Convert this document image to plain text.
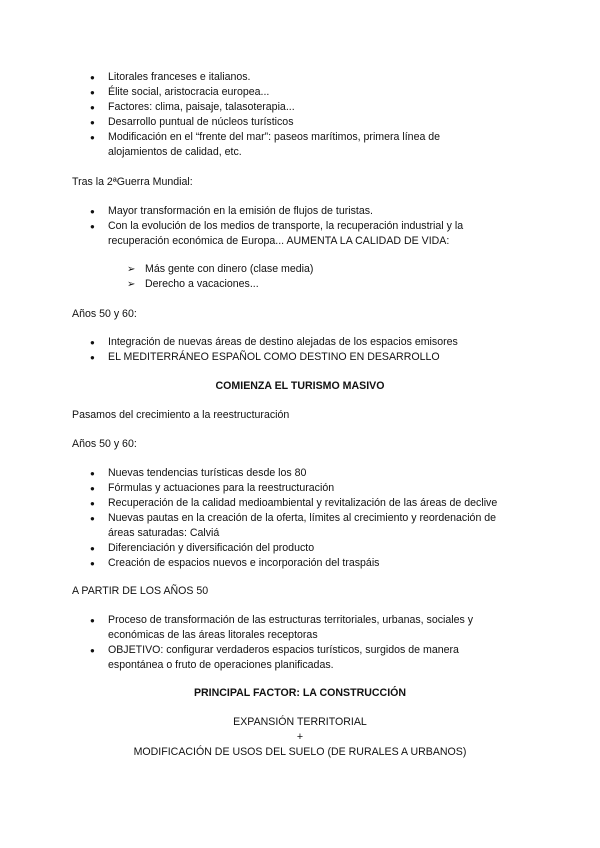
● Litorales franceses e italianos.
● Élite social, aristocracia europea...
● Factores: clima, paisaje, talasoterapia...
● Desarrollo puntual de núcleos turísticos
● Modificación en el “frente del mar”: paseos marítimos, primera línea de alojamientos de calidad, etc.

Tras la 2ªGuerra Mundial:

● Mayor transformación en la emisión de flujos de turistas.
● Con la evolución de los medios de transporte, la recuperación industrial y la recuperación económica de Europa... AUMENTA LA CALIDAD DE VIDA:
➢ Más gente con dinero (clase media)
➢ Derecho a vacaciones...

Años 50 y 60:

● Integración de nuevas áreas de destino alejadas de los espacios emisores
● EL MEDITERRÁNEO ESPAÑOL COMO DESTINO EN DESARROLLO

COMIENZA EL TURISMO MASIVO

Pasamos del crecimiento a la reestructuración

Años 50 y 60:

● Nuevas tendencias turísticas desde los 80
● Fórmulas y actuaciones para la reestructuración
● Recuperación de la calidad medioambiental y revitalización de las áreas de declive
● Nuevas pautas en la creación de la oferta, límites al crecimiento y reordenación de áreas saturadas: Calviá
● Diferenciación y diversificación del producto
● Creación de espacios nuevos e incorporación del traspáis

A PARTIR DE LOS AÑOS 50

● Proceso de transformación de las estructuras territoriales, urbanas, sociales y económicas de las áreas litorales receptoras
● OBJETIVO: configurar verdaderos espacios turísticos, surgidos de manera espontánea o fruto de operaciones planificadas.

PRINCIPAL FACTOR: LA CONSTRUCCIÓN

EXPANSIÓN TERRITORIAL

+

MODIFICACIÓN DE USOS DEL SUELO (DE RURALES A URBANOS)
